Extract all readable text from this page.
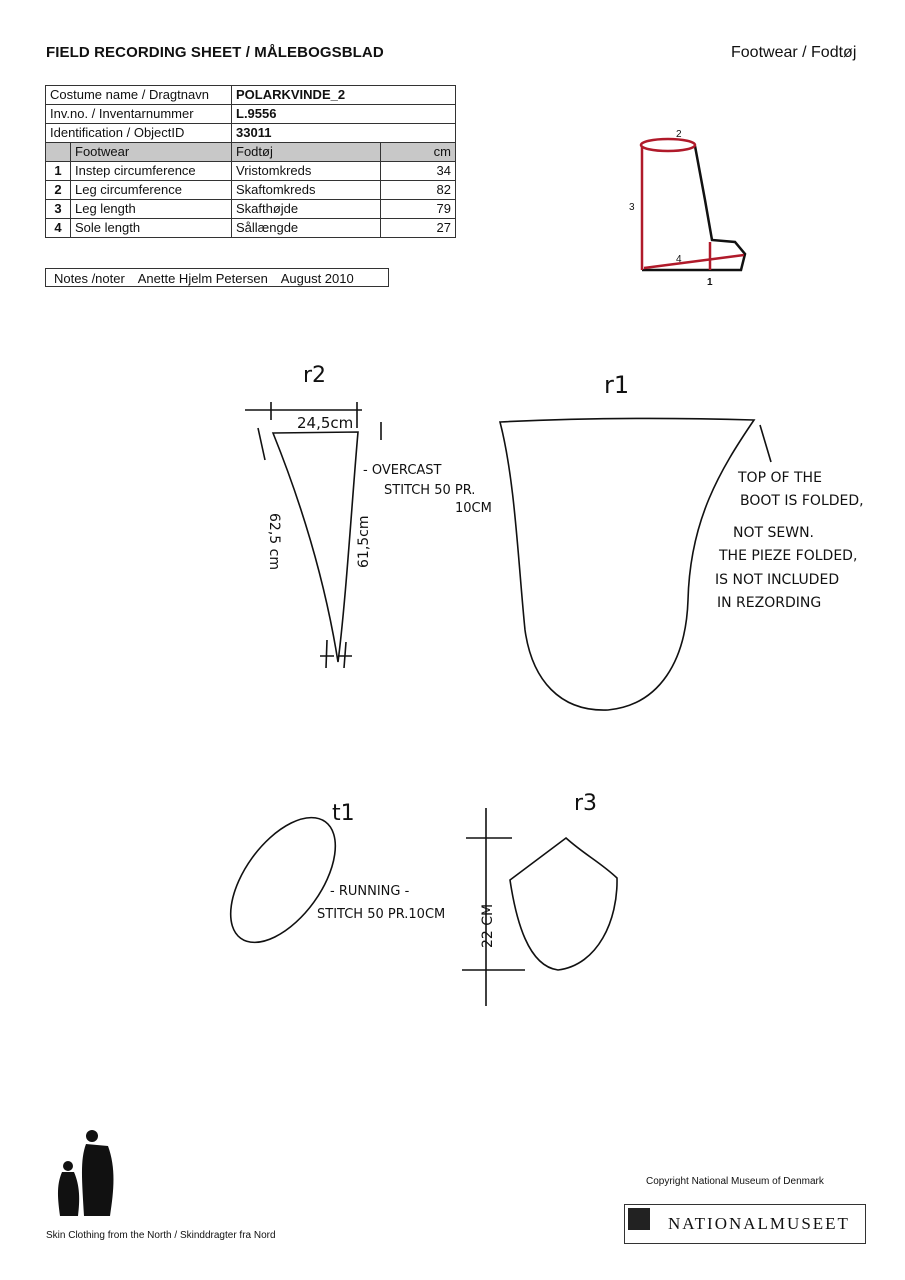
FIELD RECORDING SHEET / MÅLEBOGSBLAD	Footwear / Fodtøj
Costume name / Dragtnavn		POLARKVINDE_2	
Inv.no. / Inventarnummer		L.9556	
Identification / ObjectID		33011	
	Footwear	Fodtøj	cm
1	Instep circumference	Vristomkreds	34
2	Leg circumference	Skaftomkreds	82
3	Leg length	Skafthøjde	79
4	Sole length	Sållængde	27
Notes /noter Anette Hjelm Petersen August 2010
2
3
4
1
r2
24,5cm
62,5 cm	61,5cm
- OVERCAST
STITCH 50 PR.
10CM
r1
TOP OF THE
BOOT IS FOLDED,
NOT SEWN.
THE PIEZE FOLDED,
IS NOT INCLUDED
IN REZORDING
t1
- RUNNING -
STITCH 50 PR.10CM
r3
22 CM
Skin Clothing from the North / Skinddragter fra Nord
Copyright National Museum of Denmark
NATIONALMUSEET
